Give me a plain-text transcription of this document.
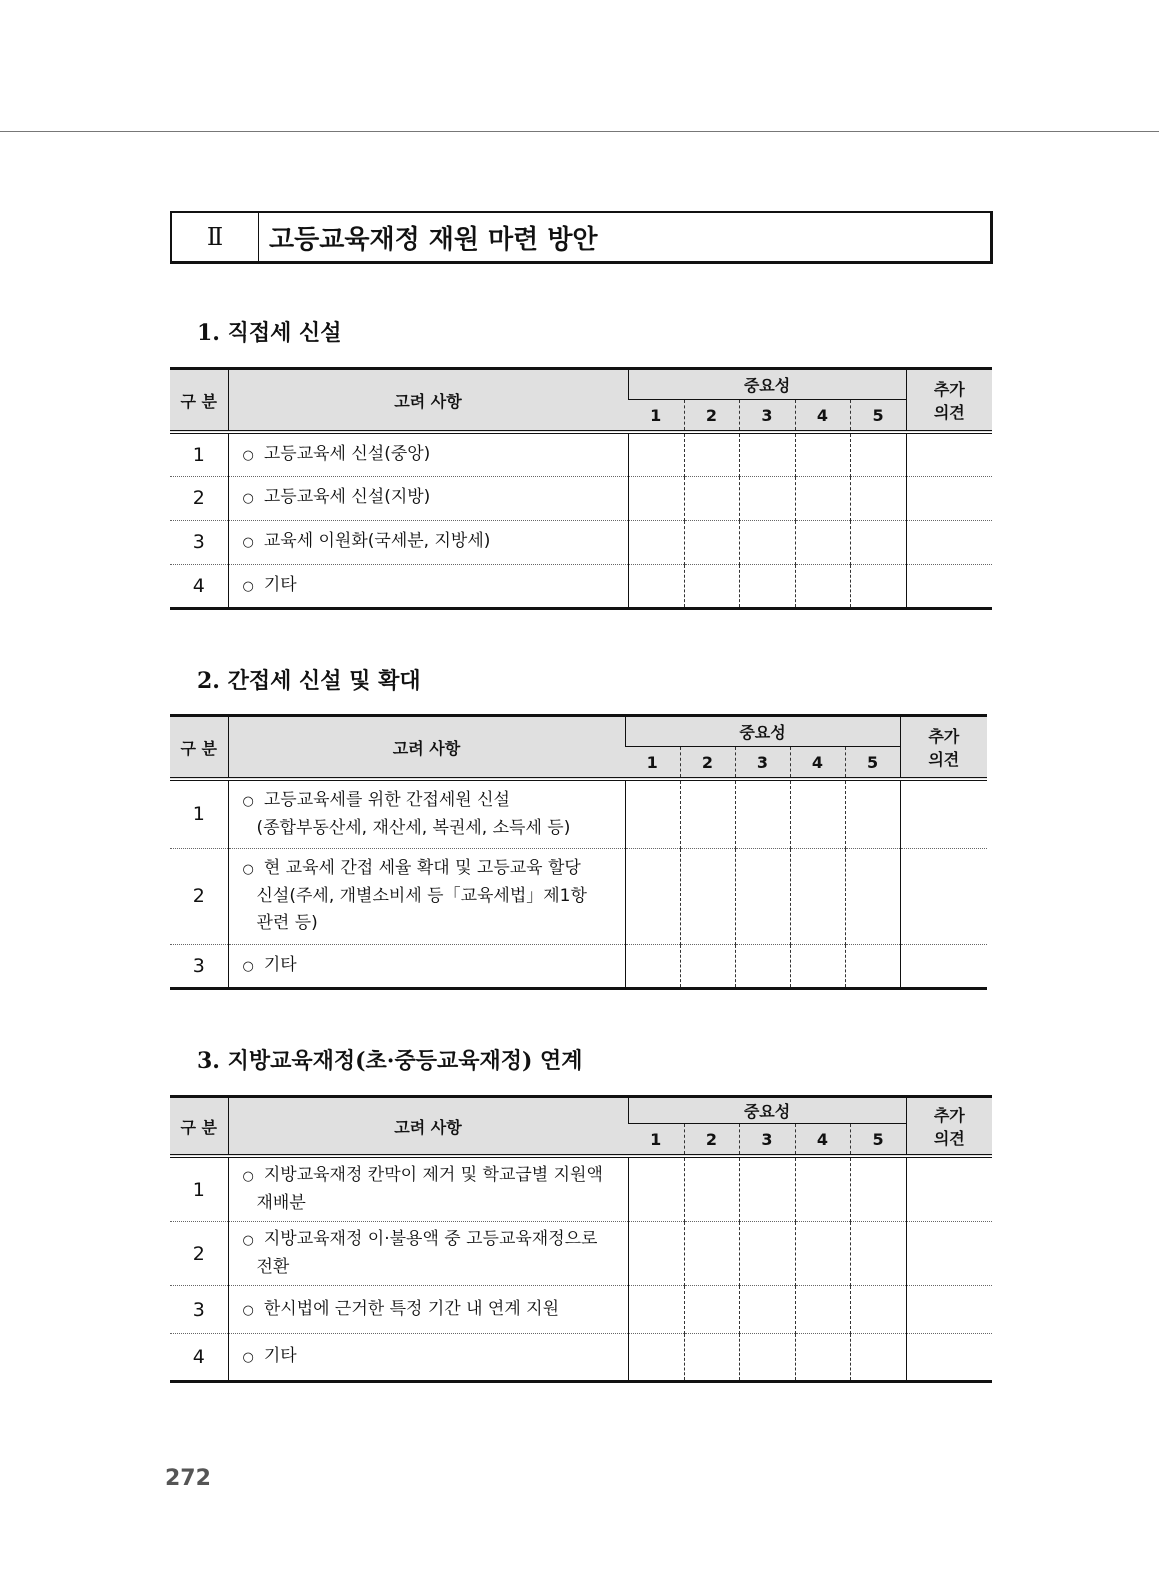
Ⅱ	고등교육재정 재원 마련 방안
1. 직접세 신설
구 분	고려 사항	중요성					추가
의견

		1	2	3	4	5	
1	○ 고등교육세 신설(중앙)						
2	○ 고등교육세 신설(지방)						
3	○ 교육세 이원화(국세분, 지방세)						
4	○ 기타						
2. 간접세 신설 및 확대
구 분	고려 사항	중요성					추가
의견

		1	2	3	4	5	
1	○ 고등교육세를 위한 간접세원 신설

(종합부동산세, 재산세, 복권세, 소득세 등)						

2	○ 현 교육세 간접 세율 확대 및 고등교육 할당

신설(주세, 개별소비세 등「교육세법」제1항
관련 등)						

3	○ 기타						
3. 지방교육재정(초·중등교육재정) 연계
구 분	고려 사항	중요성					추가
의견

		1	2	3	4	5	
1	○ 지방교육재정 칸막이 제거 및 학교급별 지원액

재배분						

2	○ 지방교육재정 이·불용액 중 고등교육재정으로

전환						

3	○ 한시법에 근거한 특정 기간 내 연계 지원						
4	○ 기타						
272
